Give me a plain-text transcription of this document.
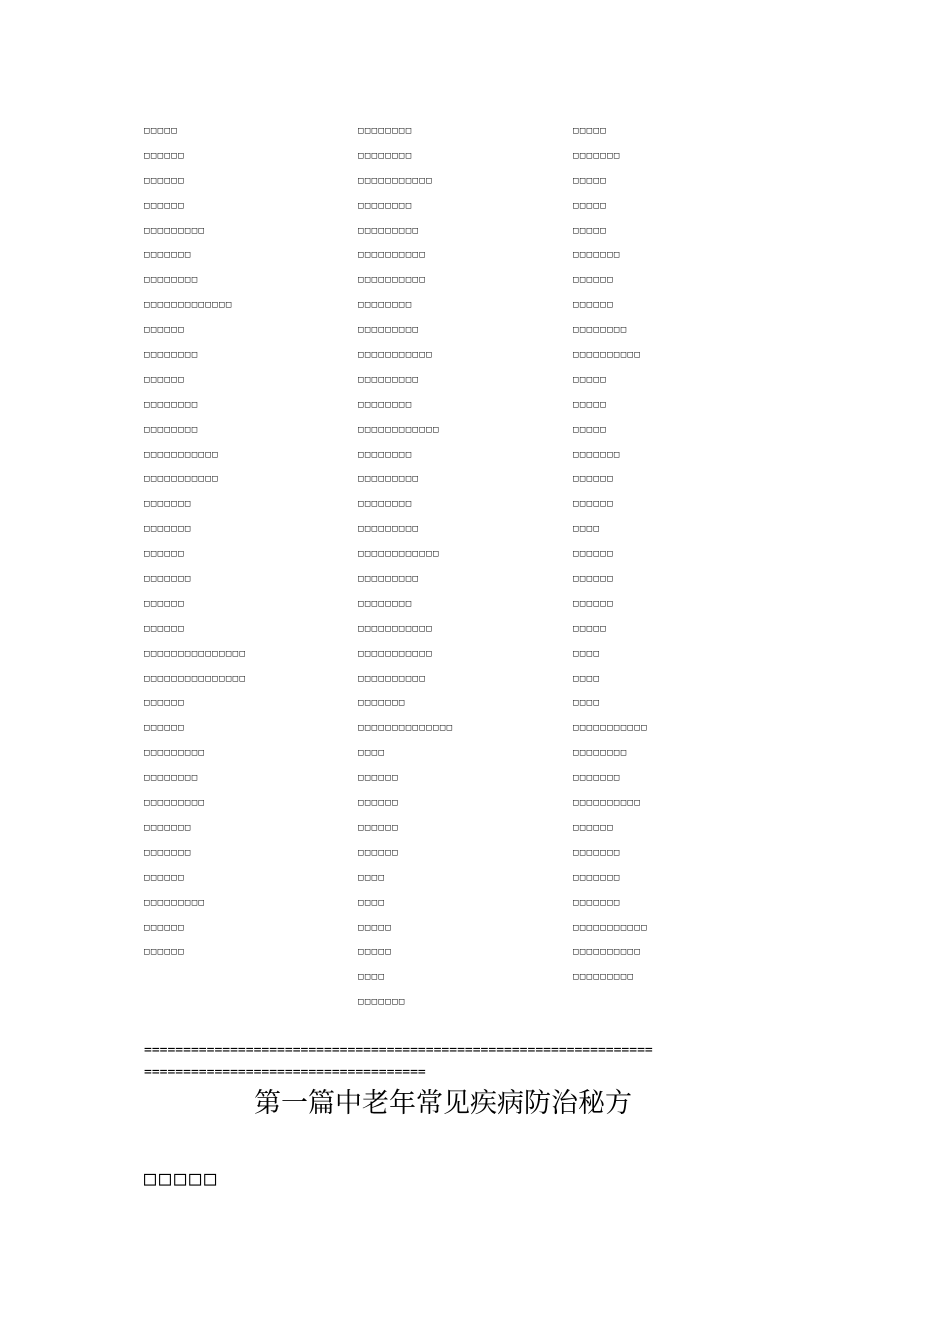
□□□□□
□□□□□□
□□□□□□
□□□□□□
□□□□□□□□□
□□□□□□□
□□□□□□□□
□□□□□□□□□□□□□
□□□□□□
□□□□□□□□
□□□□□□
□□□□□□□□
□□□□□□□□
□□□□□□□□□□□
□□□□□□□□□□□
□□□□□□□
□□□□□□□
□□□□□□
□□□□□□□
□□□□□□
□□□□□□
□□□□□□□□□□□□□□□
□□□□□□□□□□□□□□□
□□□□□□
□□□□□□
□□□□□□□□□
□□□□□□□□
□□□□□□□□□
□□□□□□□
□□□□□□□
□□□□□□
□□□□□□□□□
□□□□□□
□□□□□□
□□□□□□□□
□□□□□□□□
□□□□□□□□□□□
□□□□□□□□
□□□□□□□□□
□□□□□□□□□□
□□□□□□□□□□
□□□□□□□□
□□□□□□□□□
□□□□□□□□□□□
□□□□□□□□□
□□□□□□□□
□□□□□□□□□□□□
□□□□□□□□
□□□□□□□□□
□□□□□□□□
□□□□□□□□□
□□□□□□□□□□□□
□□□□□□□□□
□□□□□□□□
□□□□□□□□□□□
□□□□□□□□□□□
□□□□□□□□□□
□□□□□□□
□□□□□□□□□□□□□□
□□□□
□□□□□□
□□□□□□
□□□□□□
□□□□□□
□□□□
□□□□
□□□□□
□□□□□
□□□□
□□□□□□□
□□□□□
□□□□□□□
□□□□□
□□□□□
□□□□□
□□□□□□□
□□□□□□
□□□□□□
□□□□□□□□
□□□□□□□□□□
□□□□□
□□□□□
□□□□□
□□□□□□□
□□□□□□
□□□□□□
□□□□
□□□□□□
□□□□□□
□□□□□□
□□□□□
□□□□
□□□□
□□□□
□□□□□□□□□□□
□□□□□□□□
□□□□□□□
□□□□□□□□□□
□□□□□□
□□□□□□□
□□□□□□□
□□□□□□□
□□□□□□□□□□□
□□□□□□□□□□
□□□□□□□□□
=================================================================
====================================
第一篇中老年常见疾病防治秘方
□□□□□
